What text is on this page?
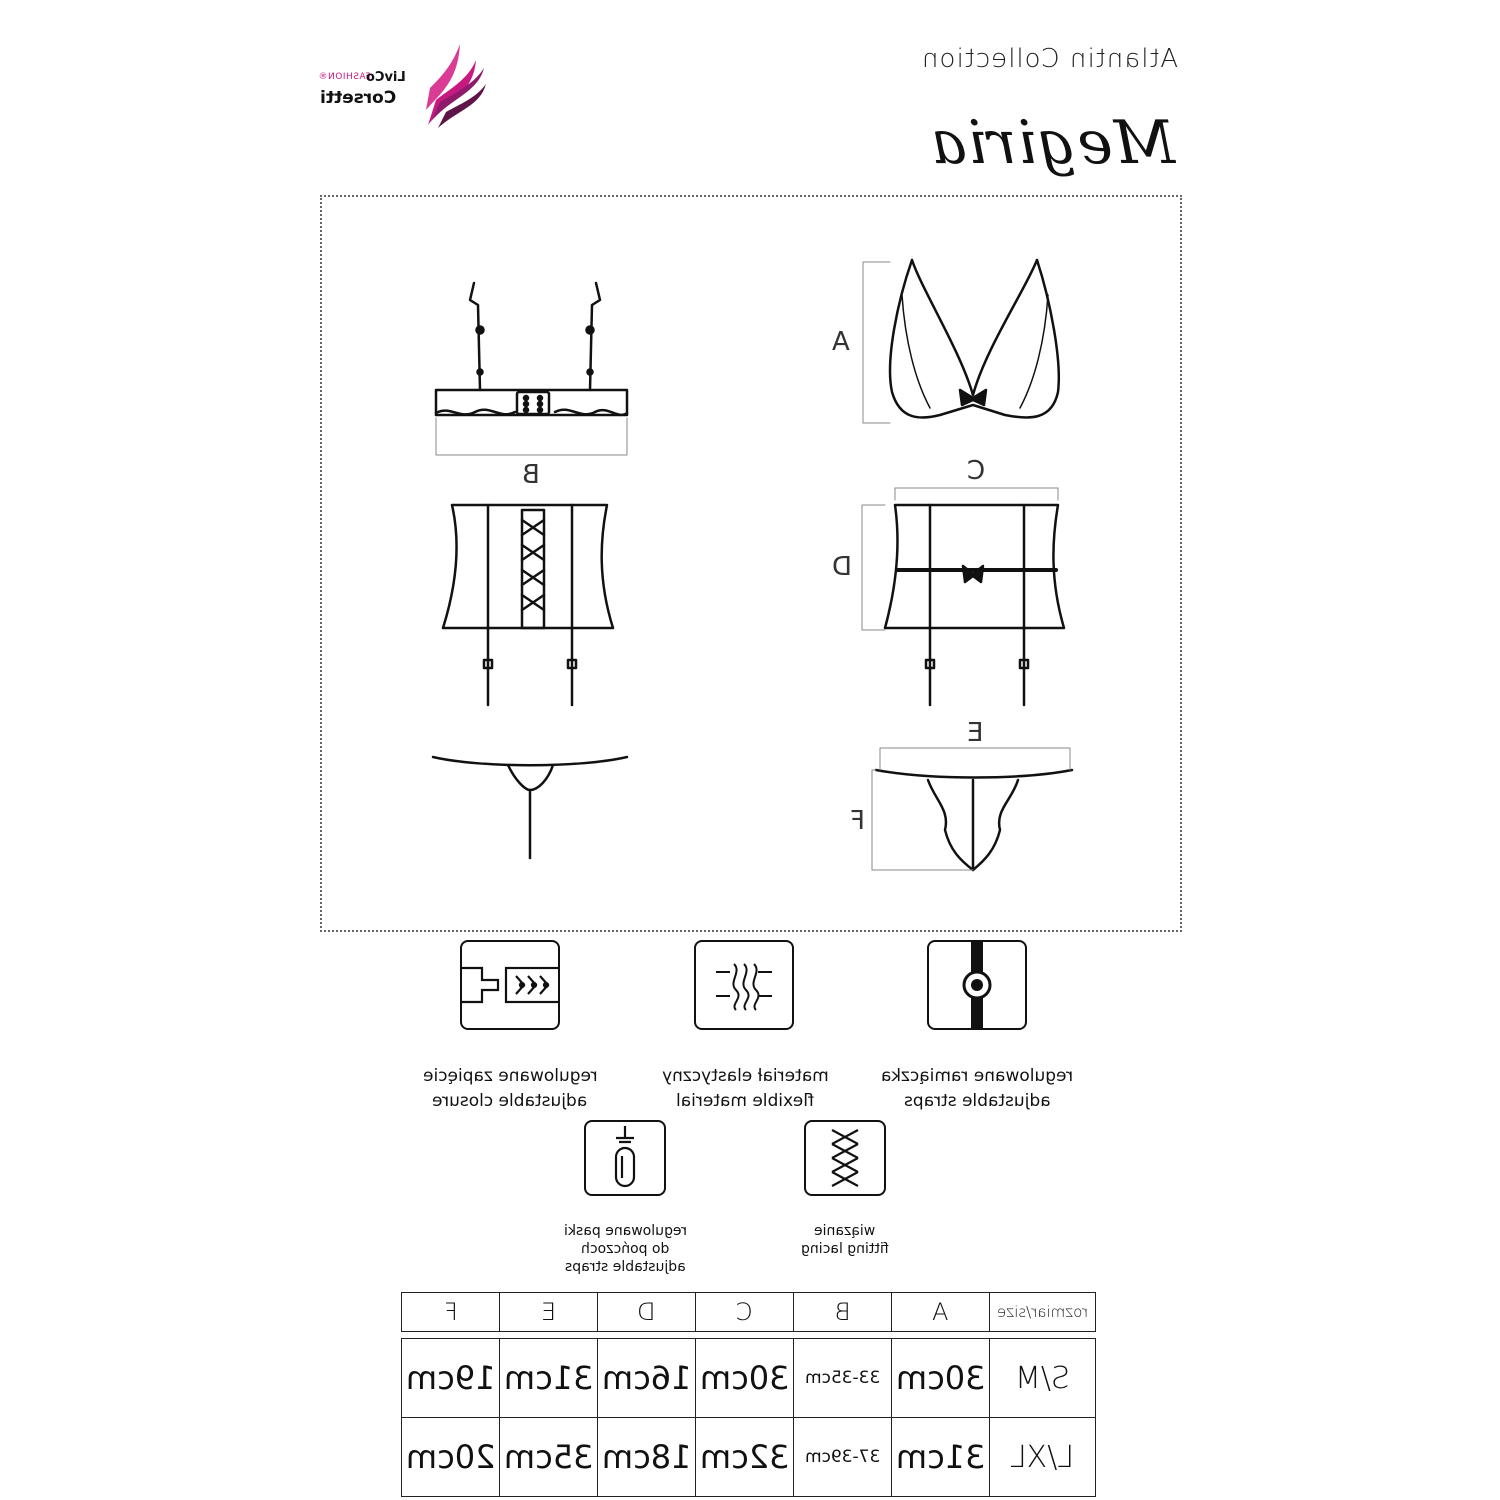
FASHION®
LivCo
Corsetti
Atlantin Collection
Megiria
A
B	C
D
E
F
regulowane zapięcie
adjustable closure
materiał elastyczny
flexible material
regulowane ramiączka
adjustable straps
regulowane paski
do pończoch
adjustable straps
wiązanie
fitting lacing
F	E	D	C	B	A	rozmiar/size

19cm	31cm	16cm	30cm	33-35cm	30cm	S/M
20cm	35cm	18cm	32cm	37-39cm	31cm	L/XL
